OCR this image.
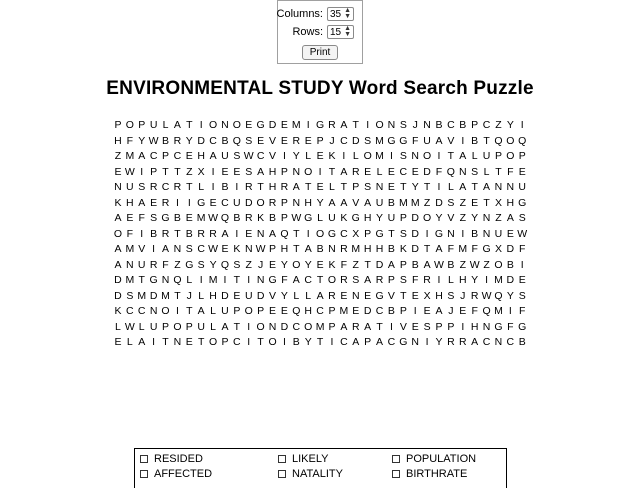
Columns: 35 ▲
▼
Rows: 15 ▲
▼
Print
ENVIRONMENTAL STUDY Word Search Puzzle
P O P U L A T I O N O E G D E M I G R A T I O N S J N B C B P C Z Y I
H F Y W B R Y D C B Q S E V E R E P J C D S M G G F U A V I B T Q O Q
Z M A C P C E H A U S W C V I Y L E K I L O M I S N O I T A L U P O P
E W I P T T Z X I E E S A H P N O I T A R E L E C E D F Q N S L T F E
N U S R C R T L I B I R T H R A T E L T P S N E T Y T I L A T A N N U
K H A E R I I G E C U D O R P N H Y A A V A U B M M Z D S Z E T X H G
A E F S G B E M W Q B R K B P W G L U K G H Y U P D O Y V Z Y N Z A S
O F I B R T B R R A I E N A Q T I O G C X P G T S D I G N I B N U E W
A M V I A N S C W E K N W P H T A B N R M H H B K D T A F M F G X D F
A N U R F Z G S Y Q S Z J E Y O Y E K F Z T D A P B A W B Z W Z O B I
D M T G N Q L I M I T I N G F A C T O R S A R P S F R I L H Y I M D E
D S M D M T J L H D E U D V Y L L A R E N E G V T E X H S J R W Q Y S
K C C N O I T A L U P O P E E Q H C P M E D C B P I E A J E F Q M I F
L W L U P O P U L A T I O N D C O M P A R A T I V E S P P I H N G F G
E L A I T N E T O P C I T O I B Y T I C A P A C G N I Y R R A C N C B
RESIDED	LIKELY	POPULATION
AFFECTED	NATALITY	BIRTHRATE
